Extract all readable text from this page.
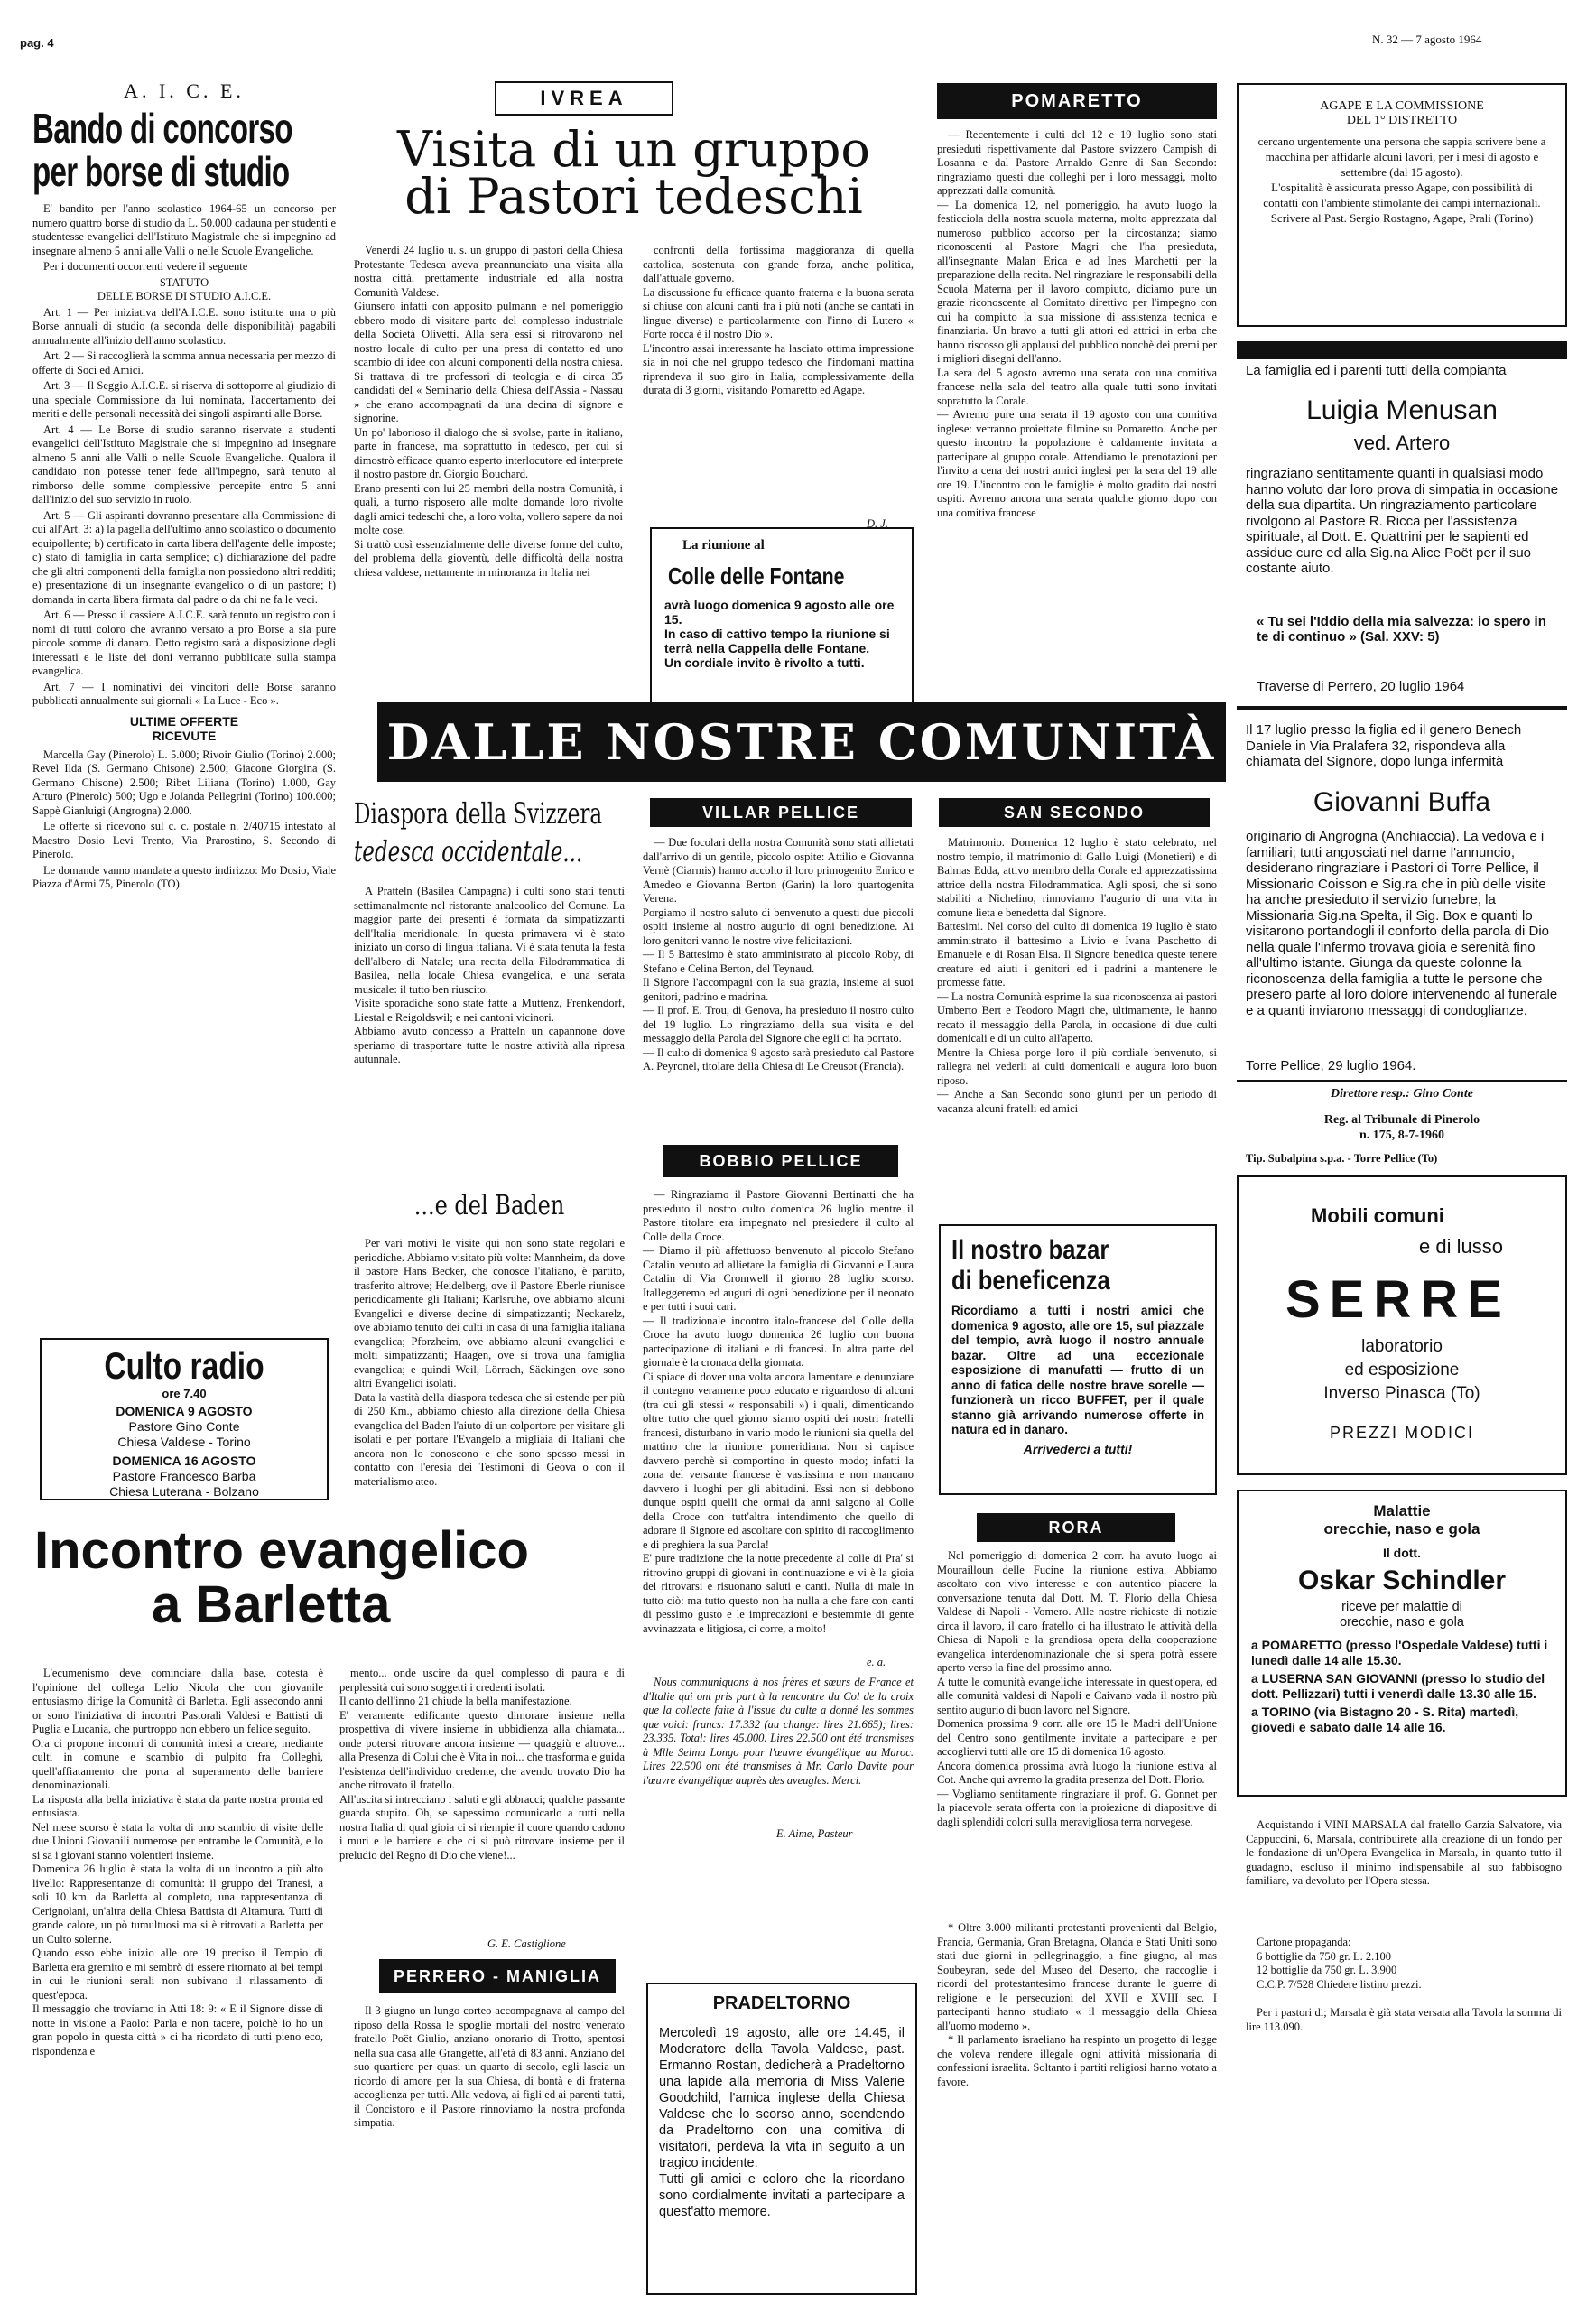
pag. 4	N. 32 — 7 agosto 1964
A. I. C. E.
Bando di concorso
per borse di studio

E' bandito per l'anno scolastico 1964-65 un concorso per numero quattro borse di studio da L. 50.000 cadauna per studenti e studentesse evangelici dell'Istituto Magistrale che si impegnino ad insegnare almeno 5 anni alle Valli o nelle Scuole Evangeliche.

Per i documenti occorrenti vedere il seguente

STATUTO
DELLE BORSE DI STUDIO A.I.C.E.

Art. 1 — Per iniziativa dell'A.I.C.E. sono istituite una o più Borse annuali di studio (a seconda delle disponibilità) pagabili annualmente all'inizio dell'anno scolastico.

Art. 2 — Si raccoglierà la somma annua necessaria per mezzo di offerte di Soci ed Amici.

Art. 3 — Il Seggio A.I.C.E. si riserva di sottoporre al giudizio di una speciale Commissione da lui nominata, l'accertamento dei meriti e delle personali necessità dei singoli aspiranti alle Borse.

Art. 4 — Le Borse di studio saranno riservate a studenti evangelici dell'Istituto Magistrale che si impegnino ad insegnare almeno 5 anni alle Valli o nelle Scuole Evangeliche. Qualora il candidato non potesse tener fede all'impegno, sarà tenuto al rimborso delle somme complessive percepite entro 5 anni dall'inizio del suo servizio in ruolo.

Art. 5 — Gli aspiranti dovranno presentare alla Commissione di cui all'Art. 3: a) la pagella dell'ultimo anno scolastico o documento equipollente; b) certificato in carta libera dell'agente delle imposte; c) stato di famiglia in carta semplice; d) dichiarazione del padre che gli altri componenti della famiglia non possiedono altri redditi; e) presentazione di un insegnante evangelico o di un pastore; f) domanda in carta libera firmata dal padre o da chi ne fa le veci.

Art. 6 — Presso il cassiere A.I.C.E. sarà tenuto un registro con i nomi di tutti coloro che avranno versato a pro Borse a sia pure piccole somme di danaro. Detto registro sarà a disposizione degli interessati e le liste dei doni verranno pubblicate sulla stampa evangelica.

Art. 7 — I nominativi dei vincitori delle Borse saranno pubblicati annualmente sui giornali « La Luce - Eco ».

ULTIME OFFERTE
RICEVUTE

Marcella Gay (Pinerolo) L. 5.000; Rivoir Giulio (Torino) 2.000; Revel Ilda (S. Germano Chisone) 2.500; Giacone Giorgina (S. Germano Chisone) 2.500; Ribet Liliana (Torino) 1.000, Gay Arturo (Pinerolo) 500; Ugo e Jolanda Pellegrini (Torino) 100.000; Sappè Gianluigi (Angrogna) 2.000.

Le offerte si ricevono sul c. c. postale n. 2/40715 intestato al Maestro Dosio Levi Trento, Via Prarostino, S. Secondo di Pinerolo.

Le domande vanno mandate a questo indirizzo: Mo Dosio, Viale Piazza d'Armi 75, Pinerolo (TO).

Culto radio
ore 7.40
DOMENICA 9 AGOSTO
Pastore Gino Conte
Chiesa Valdese - Torino
DOMENICA 16 AGOSTO
Pastore Francesco Barba
Chiesa Luterana - Bolzano
IVREA
Visita di un gruppo
di Pastori tedeschi
Venerdì 24 luglio u. s. un gruppo di pastori della Chiesa Protestante Tedesca aveva preannunciato una visita alla nostra città, prettamente industriale ed alla nostra Comunità Valdese.
Giunsero infatti con apposito pulmann e nel pomeriggio ebbero modo di visitare parte del complesso industriale della Società Olivetti. Alla sera essi si ritrovarono nel nostro locale di culto per una presa di contatto ed uno scambio di idee con alcuni componenti della nostra chiesa. Si trattava di tre professori di teologia e di circa 35 candidati del « Seminario della Chiesa dell'Assia - Nassau » che erano accompagnati da una decina di signore e signorine.
Un po' laborioso il dialogo che si svolse, parte in italiano, parte in francese, ma soprattutto in tedesco, per cui si dimostrò efficace quanto esperto interlocutore ed interprete il nostro pastore dr. Giorgio Bouchard.
Erano presenti con lui 25 membri della nostra Comunità, i quali, a turno risposero alle molte domande loro rivolte dagli amici tedeschi che, a loro volta, vollero sapere da noi molte cose.
Si trattò così essenzialmente delle diverse forme del culto, del problema della gioventù, delle difficoltà della nostra chiesa valdese, nettamente in minoranza in Italia nei
confronti della fortissima maggioranza di quella cattolica, sostenuta con grande forza, anche politica, dall'attuale governo.
La discussione fu efficace quanto fraterna e la buona serata si chiuse con alcuni canti fra i più noti (anche se cantati in lingue diverse) e particolarmente con l'inno di Lutero « Forte rocca è il nostro Dio ».
L'incontro assai interessante ha lasciato ottima impressione sia in noi che nel gruppo tedesco che l'indomani mattina riprendeva il suo giro in Italia, complessivamente della durata di 3 giorni, visitando Pomaretto ed Agape.
D. J.
La riunione al
Colle delle Fontane
avrà luogo domenica 9 agosto alle ore 15.
In caso di cattivo tempo la riunione si terrà nella Cappella delle Fontane.
Un cordiale invito è rivolto a tutti.
POMARETTO
— Recentemente i culti del 12 e 19 luglio sono stati presieduti rispettivamente dal Pastore svizzero Campish di Losanna e dal Pastore Arnaldo Genre di San Secondo: ringraziamo questi due colleghi per i loro messaggi, molto apprezzati dalla comunità.
— La domenica 12, nel pomeriggio, ha avuto luogo la festicciola della nostra scuola materna, molto apprezzata dal numeroso pubblico accorso per la circostanza; siamo riconoscenti al Pastore Magri che l'ha presieduta, all'insegnante Malan Erica e ad Ines Marchetti per la preparazione della recita. Nel ringraziare le responsabili della Scuola Materna per il lavoro compiuto, diciamo pure un grazie riconoscente al Comitato direttivo per l'impegno con cui ha compiuto la sua missione di assistenza tecnica e finanziaria. Un bravo a tutti gli attori ed attrici in erba che hanno riscosso gli applausi del pubblico nonchè dei premi per i migliori disegni dell'anno.
La sera del 5 agosto avremo una serata con una comitiva francese nella sala del teatro alla quale tutti sono invitati sopratutto la Corale.
— Avremo pure una serata il 19 agosto con una comitiva inglese: verranno proiettate filmine su Pomaretto. Anche per questo incontro la popolazione è caldamente invitata a partecipare al gruppo corale. Attendiamo le prenotazioni per l'invito a cena dei nostri amici inglesi per la sera del 19 alle ore 19. L'incontro con le famiglie è molto gradito dai nostri ospiti. Avremo ancora una serata qualche giorno dopo con una comitiva francese
AGAPE E LA COMMISSIONE
DEL 1° DISTRETTO
cercano urgentemente una persona che sappia scrivere bene a macchina per affidarle alcuni lavori, per i mesi di agosto e settembre (dal 15 agosto).
L'ospitalità è assicurata presso Agape, con possibilità di contatti con l'ambiente stimolante dei campi internazionali. Scrivere al Past. Sergio Rostagno, Agape, Prali (Torino)
La famiglia ed i parenti tutti della compianta
Luigia Menusan
ved. Artero
ringraziano sentitamente quanti in qualsiasi modo hanno voluto dar loro prova di simpatia in occasione della sua dipartita. Un ringraziamento particolare rivolgono al Pastore R. Ricca per l'assistenza spirituale, al Dott. E. Quattrini per le sapienti ed assidue cure ed alla Sig.na Alice Poët per il suo costante aiuto.
« Tu sei l'Iddio della mia salvezza: io spero in te di continuo » (Sal. XXV: 5)
Traverse di Perrero, 20 luglio 1964
Il 17 luglio presso la figlia ed il genero Benech Daniele in Via Pralafera 32, rispondeva alla chiamata del Signore, dopo lunga infermità
Giovanni Buffa
originario di Angrogna (Anchiaccia). La vedova e i familiari; tutti angosciati nel darne l'annuncio, desiderano ringraziare i Pastori di Torre Pellice, il Missionario Coisson e Sig.ra che in più delle visite ha anche presieduto il servizio funebre, la Missionaria Sig.na Spelta, il Sig. Box e quanti lo visitarono portandogli il conforto della parola di Dio nella quale l'infermo trovava gioia e serenità fino all'ultimo istante. Giunga da queste colonne la riconoscenza della famiglia a tutte le persone che presero parte al loro dolore intervenendo al funerale e a quanti inviarono messaggi di condoglianze.
Torre Pellice, 29 luglio 1964.
Direttore resp.: Gino Conte
Reg. al Tribunale di Pinerolo
n. 175, 8-7-1960
Tip. Subalpina s.p.a. - Torre Pellice (To)
DALLE NOSTRE COMUNITÀ
Diaspora della Svizzera
tedesca occidentale...
A Pratteln (Basilea Campagna) i culti sono stati tenuti settimanalmente nel ristorante analcoolico del Comune. La maggior parte dei presenti è formata da simpatizzanti dell'Italia meridionale. In questa primavera vi è stato iniziato un corso di lingua italiana. Vi è stata tenuta la festa dell'albero di Natale; una recita della Filodrammatica di Basilea, nella locale Chiesa evangelica, e una serata musicale: il tutto ben riuscito.
Visite sporadiche sono state fatte a Muttenz, Frenkendorf, Liestal e Reigoldswil; e nei cantoni vicinori.
Abbiamo avuto concesso a Pratteln un capannone dove speriamo di trasportare tutte le nostre attività alla ripresa autunnale.
...e del Baden
Per vari motivi le visite qui non sono state regolari e periodiche. Abbiamo visitato più volte: Mannheim, da dove il pastore Hans Becker, che conosce l'italiano, è partito, trasferito altrove; Heidelberg, ove il Pastore Eberle riunisce periodicamente gli Italiani; Karlsruhe, ove abbiamo alcuni Evangelici e diverse decine di simpatizzanti; Neckarelz, ove abbiamo tenuto dei culti in casa di una famiglia italiana evangelica; Pforzheim, ove abbiamo alcuni evangelici e molti simpatizzanti; Haagen, ove si trova una famiglia evangelica; e quindi Weil, Lörrach, Säckingen ove sono altri Evangelici isolati.
Data la vastità della diaspora tedesca che si estende per più di 250 Km., abbiamo chiesto alla direzione della Chiesa evangelica del Baden l'aiuto di un colportore per visitare gli isolati e per portare l'Evangelo a migliaia di Italiani che ancora non lo conoscono e che sono spesso messi in contatto con l'eresia dei Testimoni di Geova o con il materialismo ateo.
VILLAR PELLICE
— Due focolari della nostra Comunità sono stati allietati dall'arrivo di un gentile, piccolo ospite: Attilio e Giovanna Vernè (Ciarmis) hanno accolto il loro primogenito Enrico e Amedeo e Giovanna Berton (Garin) la loro quartogenita Verena.
Porgiamo il nostro saluto di benvenuto a questi due piccoli ospiti insieme al nostro augurio di ogni benedizione. Ai loro genitori vanno le nostre vive felicitazioni.
— Il 5 Battesimo è stato amministrato al piccolo Roby, di Stefano e Celina Berton, del Teynaud.
Il Signore l'accompagni con la sua grazia, insieme ai suoi genitori, padrino e madrina.
— Il prof. E. Trou, di Genova, ha presieduto il nostro culto del 19 luglio. Lo ringraziamo della sua visita e del messaggio della Parola del Signore che egli ci ha portato.
— Il culto di domenica 9 agosto sarà presieduto dal Pastore A. Peyronel, titolare della Chiesa di Le Creusot (Francia).
BOBBIO PELLICE
— Ringraziamo il Pastore Giovanni Bertinatti che ha presieduto il nostro culto domenica 26 luglio mentre il Pastore titolare era impegnato nel presiedere il culto al Colle della Croce.
— Diamo il più affettuoso benvenuto al piccolo Stefano Catalin venuto ad allietare la famiglia di Giovanni e Laura Catalin di Via Cromwell il giorno 28 luglio scorso. Italleggeremo ed auguri di ogni benedizione per il neonato e per tutti i suoi cari.
— Il tradizionale incontro italo-francese del Colle della Croce ha avuto luogo domenica 26 luglio con buona partecipazione di italiani e di francesi. In altra parte del giornale è la cronaca della giornata.
Ci spiace di dover una volta ancora lamentare e denunziare il contegno veramente poco educato e riguardoso di alcuni (tra cui gli stessi « responsabili ») i quali, dimenticando oltre tutto che quel giorno siamo ospiti dei nostri fratelli francesi, disturbano in vario modo le riunioni sia quella del mattino che la riunione pomeridiana. Non si capisce davvero perchè si comportino in questo modo; infatti la zona del versante francese è vastissima e non mancano davvero i luoghi per gli abitudini. Essi non si debbono dunque ospiti quelli che ormai da anni salgono al Colle della Croce con tutt'altra intendimento che quello di adorare il Signore ed ascoltare con spirito di raccoglimento e di preghiera la sua Parola!
E' pure tradizione che la notte precedente al colle di Pra' si ritrovino gruppi di giovani in continuazione e vi è la gioia del ritrovarsi e risuonano saluti e canti. Nulla di male in tutto ciò: ma tutto questo non ha nulla a che fare con canti di pessimo gusto e le imprecazioni e bestemmie di gente avvinazzata e litigiosa, ci corre, a molto!
e. a.
Nous communiquons à nos frères et sœurs de France et d'Italie qui ont pris part à la rencontre du Col de la croix que la collecte faite à l'issue du culte a donné les sommes que voici: francs: 17.332 (au change: lires 21.665); lires: 23.335. Total: lires 45.000. Lires 22.500 ont été transmises à Mlle Selma Longo pour l'œuvre évangélique au Maroc. Lires 22.500 ont été transmises à Mr. Carlo Davite pour l'œuvre évangélique auprès des aveugles. Merci.
E. Aime, Pasteur
SAN SECONDO
Matrimonio. Domenica 12 luglio è stato celebrato, nel nostro tempio, il matrimonio di Gallo Luigi (Monetieri) e di Balmas Edda, attivo membro della Corale ed apprezzatissima attrice della nostra Filodrammatica. Agli sposi, che si sono stabiliti a Nichelino, rinnoviamo l'augurio di una vita in comune lieta e benedetta dal Signore.
Battesimi. Nel corso del culto di domenica 19 luglio è stato amministrato il battesimo a Livio e Ivana Paschetto di Emanuele e di Rosan Elsa. Il Signore benedica queste tenere creature ed aiuti i genitori ed i padrini a mantenere le promesse fatte.
— La nostra Comunità esprime la sua riconoscenza ai pastori Umberto Bert e Teodoro Magri che, ultimamente, le hanno recato il messaggio della Parola, in occasione di due culti domenicali e di un culto all'aperto.
Mentre la Chiesa porge loro il più cordiale benvenuto, si rallegra nel vederli ai culti domenicali e augura loro buon riposo.
— Anche a San Secondo sono giunti per un periodo di vacanza alcuni fratelli ed amici
Il nostro bazar
di beneficenza
Ricordiamo a tutti i nostri amici che domenica 9 agosto, alle ore 15, sul piazzale del tempio, avrà luogo il nostro annuale bazar. Oltre ad una eccezionale esposizione di manufatti — frutto di un anno di fatica delle nostre brave sorelle — funzionerà un ricco BUFFET, per il quale stanno già arrivando numerose offerte in natura ed in danaro.
Arrivederci a tutti!
RORA
Nel pomeriggio di domenica 2 corr. ha avuto luogo ai Mourailloun delle Fucine la riunione estiva. Abbiamo ascoltato con vivo interesse e con autentico piacere la conversazione tenuta dal Dott. M. T. Florio della Chiesa Valdese di Napoli - Vomero. Alle nostre richieste di notizie circa il lavoro, il caro fratello ci ha illustrato le attività della Chiesa di Napoli e la grandiosa opera della cooperazione evangelica interdenominazionale che si spera potrà essere aperto verso la fine del prossimo anno.
A tutte le comunità evangeliche interessate in quest'opera, ed alle comunità valdesi di Napoli e Caivano vada il nostro più sentito augurio di buon lavoro nel Signore.
Domenica prossima 9 corr. alle ore 15 le Madri dell'Unione del Centro sono gentilmente invitate a partecipare e per accogliervi tutti alle ore 15 di domenica 16 agosto.
Ancora domenica prossima avrà luogo la riunione estiva al Cot. Anche qui avremo la gradita presenza del Dott. Florio.
— Vogliamo sentitamente ringraziare il prof. G. Gonnet per la piacevole serata offerta con la proiezione di diapositive di dagli splendidi colori sulla meravigliosa terra norvegese.
* Oltre 3.000 militanti protestanti provenienti dal Belgio, Francia, Germania, Gran Bretagna, Olanda e Stati Uniti sono stati due giorni in pellegrinaggio, a fine giugno, al mas Soubeyran, sede del Museo del Deserto, che raccoglie i ricordi del protestantesimo francese durante le guerre di religione e le persecuzioni del XVII e XVIII sec. I partecipanti hanno studiato « il messaggio della Chiesa all'uomo moderno ».
* Il parlamento israeliano ha respinto un progetto di legge che voleva rendere illegale ogni attività missionaria di confessioni israelita. Soltanto i partiti religiosi hanno votato a favore.
PERRERO - MANIGLIA
Il 3 giugno un lungo corteo accompagnava al campo del riposo della Rossa le spoglie mortali del nostro venerato fratello Poët Giulio, anziano onorario di Trotto, spentosi nella sua casa alle Grangette, all'età di 83 anni. Anziano del suo quartiere per quasi un quarto di secolo, egli lascia un ricordo di amore per la sua Chiesa, di bontà e di fraterna accoglienza per tutti. Alla vedova, ai figli ed ai parenti tutti, il Concistoro e il Pastore rinnoviamo la nostra profonda simpatia.
PRADELTORNO
Mercoledì 19 agosto, alle ore 14.45, il Moderatore della Tavola Valdese, past. Ermanno Rostan, dedicherà a Pradeltorno una lapide alla memoria di Miss Valerie Goodchild, l'amica inglese della Chiesa Valdese che lo scorso anno, scendendo da Pradeltorno con una comitiva di visitatori, perdeva la vita in seguito a un tragico incidente.
Tutti gli amici e coloro che la ricordano sono cordialmente invitati a partecipare a quest'atto memore.
Incontro evangelico
a Barletta
L'ecumenismo deve cominciare dalla base, cotesta è l'opinione del collega Lelio Nicola che con giovanile entusiasmo dirige la Comunità di Barletta. Egli assecondo anni or sono l'iniziativa di incontri Pastorali Valdesi e Battisti di Puglia e Lucania, che purtroppo non ebbero un felice seguito.
Ora ci propone incontri di comunità intesi a creare, mediante culti in comune e scambio di pulpito fra Colleghi, quell'affiatamento che porta al superamento delle barriere denominazionali.
La risposta alla bella iniziativa è stata da parte nostra pronta ed entusiasta.
Nel mese scorso è stata la volta di uno scambio di visite delle due Unioni Giovanili numerose per entrambe le Comunità, e lo si sa i giovani stanno volentieri insieme.
Domenica 26 luglio è stata la volta di un incontro a più alto livello: Rappresentanze di comunità: il gruppo dei Tranesi, a soli 10 km. da Barletta al completo, una rappresentanza di Cerignolani, un'altra della Chiesa Battista di Altamura. Tutti di grande calore, un pò tumultuosi ma si è ritrovati a Barletta per un Culto solenne.
Quando esso ebbe inizio alle ore 19 preciso il Tempio di Barletta era gremito e mi sembrò di essere ritornato ai bei tempi in cui le riunioni serali non subivano il rilassamento di quest'epoca.
Il messaggio che troviamo in Atti 18: 9: « E il Signore disse di notte in visione a Paolo: Parla e non tacere, poichè io ho un gran popolo in questa città » ci ha ricordato di tutti pieno eco, rispondenza e
mento... onde uscire da quel complesso di paura e di perplessità cui sono soggetti i credenti isolati.
Il canto dell'inno 21 chiude la bella manifestazione.
E' veramente edificante questo dimorare insieme nella prospettiva di vivere insieme in ubbidienza alla chiamata... onde potersi ritrovare ancora insieme — quaggiù e altrove... alla Presenza di Colui che è Vita in noi... che trasforma e guida l'esistenza dell'individuo credente, che avendo trovato Dio ha anche ritrovato il fratello.
All'uscita si intrecciano i saluti e gli abbracci; qualche passante guarda stupito. Oh, se sapessimo comunicarlo a tutti nella nostra Italia di qual gioia ci si riempie il cuore quando cadono i muri e le barriere e che ci si può ritrovare insieme per il preludio del Regno di Dio che viene!...
G. E. Castiglione
Mobili comuni
e di lusso
SERRE
laboratorio
ed esposizione
Inverso Pinasca (To)
PREZZI MODICI
Malattie
orecchie, naso e gola
Il dott.
Oskar Schindler
riceve per malattie di
orecchie, naso e gola
a POMARETTO (presso l'Ospedale Valdese) tutti i lunedì dalle 14 alle 15.30.
a LUSERNA SAN GIOVANNI (presso lo studio del dott. Pellizzari) tutti i venerdì dalle 13.30 alle 15.
a TORINO (via Bistagno 20 - S. Rita) martedì, giovedì e sabato dalle 14 alle 16.
Acquistando i VINI MARSALA dal fratello Garzia Salvatore, via Cappuccini, 6, Marsala, contribuirete alla creazione di un fondo per le fondazione di un'Opera Evangelica in Marsala, in quanto tutto il guadagno, escluso il minimo indispensabile al suo fabbisogno familiare, va devoluto per l'Opera stessa.
Cartone propaganda:
6 bottiglie da 750 gr. L. 2.100
12 bottiglie da 750 gr. L. 3.900
C.C.P. 7/528 Chiedere listino prezzi.
Per i pastori di; Marsala è già stata versata alla Tavola la somma di lire 113.090.
